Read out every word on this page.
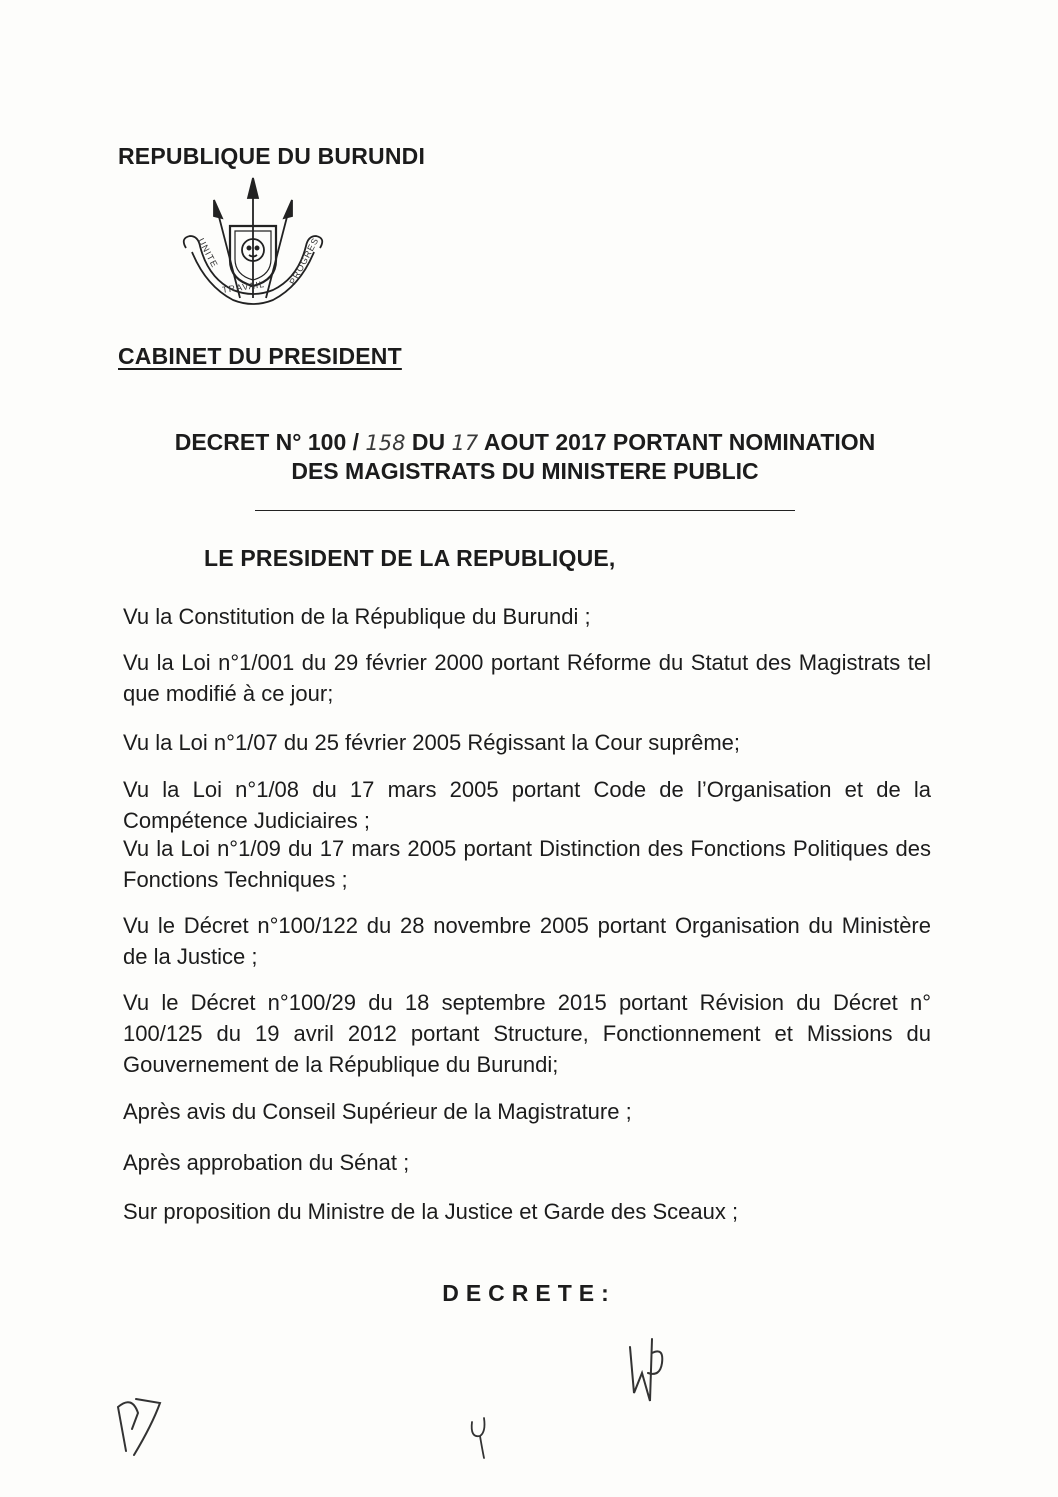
REPUBLIQUE DU BURUNDI
UNITE
TRAVAIL
PROGRES
CABINET DU PRESIDENT
DECRET N° 100 / 158 DU 17 AOUT 2017 PORTANT NOMINATION
DES MAGISTRATS DU MINISTERE PUBLIC
LE PRESIDENT DE LA REPUBLIQUE,
Vu la Constitution de la République du Burundi ;
Vu la Loi n°1/001 du 29 février 2000 portant Réforme du Statut des Magistrats tel que modifié à ce jour;
Vu la Loi n°1/07 du 25 février 2005 Régissant la Cour suprême;
Vu la Loi n°1/08 du 17 mars 2005 portant Code de l’Organisation et de la Compétence Judiciaires ;
Vu la Loi n°1/09 du 17 mars 2005 portant Distinction des Fonctions Politiques des Fonctions Techniques ;
Vu le Décret n°100/122 du 28 novembre 2005 portant Organisation du Ministère de la Justice ;
Vu le Décret n°100/29 du 18 septembre 2015 portant Révision du Décret n° 100/125 du 19 avril 2012 portant Structure, Fonctionnement et Missions du Gouvernement de la République du Burundi;
Après avis du Conseil Supérieur de la Magistrature ;
Après approbation du Sénat ;
Sur proposition du Ministre de la Justice et Garde des Sceaux ;
DECRETE:
